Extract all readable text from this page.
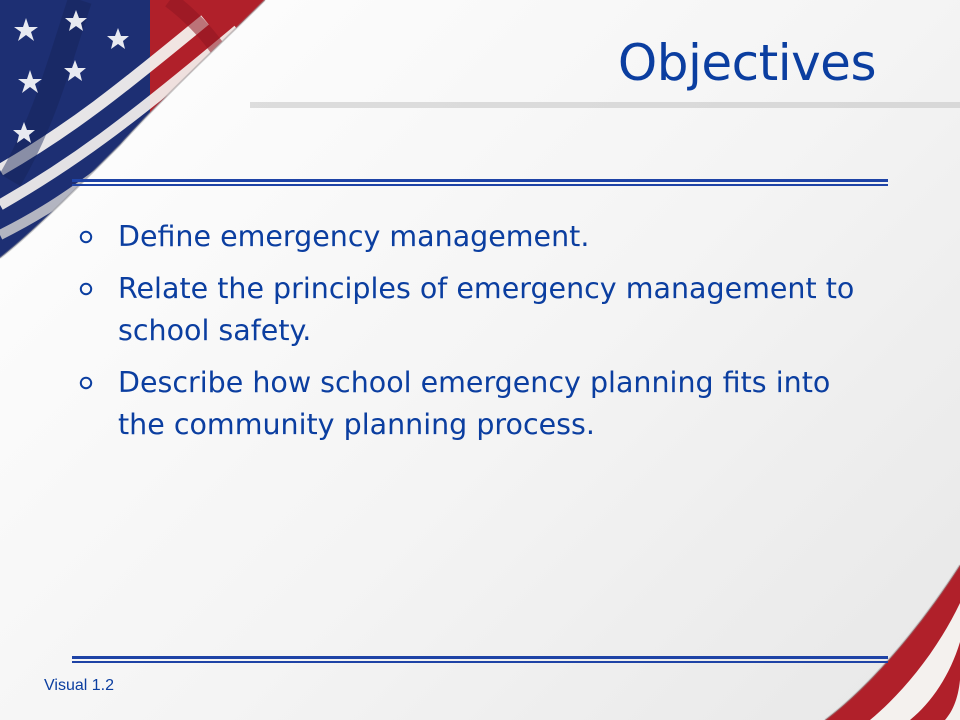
Objectives
Define emergency management.
Relate the principles of emergency management to school safety.
Describe how school emergency planning fits into the community planning process.
Visual 1.2
